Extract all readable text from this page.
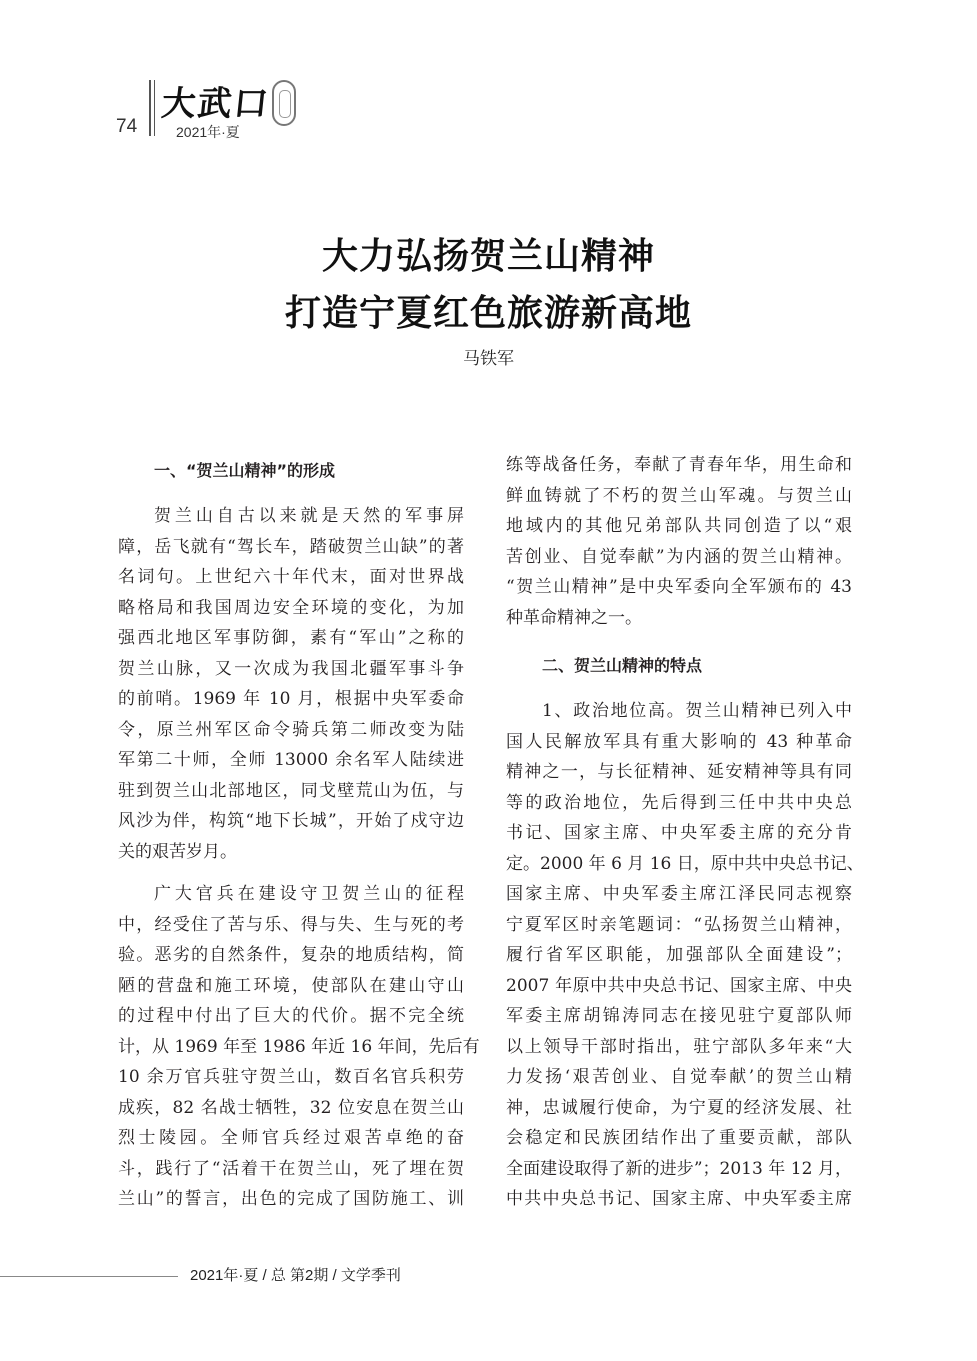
74
大武口
2021年·夏
大力弘扬贺兰山精神
打造宁夏红色旅游新高地
马铁军
一、“贺兰山精神”的形成
贺兰山自古以来就是天然的军事屏
障，岳飞就有“驾长车，踏破贺兰山缺”的著
名词句。上世纪六十年代末，面对世界战
略格局和我国周边安全环境的变化，为加
强西北地区军事防御，素有“军山”之称的
贺兰山脉，又一次成为我国北疆军事斗争
的前哨。1969 年 10 月，根据中央军委命
令，原兰州军区命令骑兵第二师改变为陆
军第二十师，全师 13000 余名军人陆续进
驻到贺兰山北部地区，同戈壁荒山为伍，与
风沙为伴，构筑“地下长城”，开始了戍守边
关的艰苦岁月。
广大官兵在建设守卫贺兰山的征程
中，经受住了苦与乐、得与失、生与死的考
验。恶劣的自然条件，复杂的地质结构，简
陋的营盘和施工环境，使部队在建山守山
的过程中付出了巨大的代价。据不完全统
计，从 1969 年至 1986 年近 16 年间，先后有
10 余万官兵驻守贺兰山，数百名官兵积劳
成疾，82 名战士牺牲，32 位安息在贺兰山
烈士陵园。全师官兵经过艰苦卓绝的奋
斗，践行了“活着干在贺兰山，死了埋在贺
兰山”的誓言，出色的完成了国防施工、训
练等战备任务，奉献了青春年华，用生命和
鲜血铸就了不朽的贺兰山军魂。与贺兰山
地域内的其他兄弟部队共同创造了以“艰
苦创业、自觉奉献”为内涵的贺兰山精神。
“贺兰山精神”是中央军委向全军颁布的 43
种革命精神之一。
二、贺兰山精神的特点
1、政治地位高。贺兰山精神已列入中
国人民解放军具有重大影响的 43 种革命
精神之一，与长征精神、延安精神等具有同
等的政治地位，先后得到三任中共中央总
书记、国家主席、中央军委主席的充分肯
定。2000 年 6 月 16 日，原中共中央总书记、
国家主席、中央军委主席江泽民同志视察
宁夏军区时亲笔题词：“弘扬贺兰山精神，
履行省军区职能，加强部队全面建设”；
2007 年原中共中央总书记、国家主席、中央
军委主席胡锦涛同志在接见驻宁夏部队师
以上领导干部时指出，驻宁部队多年来“大
力发扬‘艰苦创业、自觉奉献’的贺兰山精
神，忠诚履行使命，为宁夏的经济发展、社
会稳定和民族团结作出了重要贡献，部队
全面建设取得了新的进步”；2013 年 12 月，
中共中央总书记、国家主席、中央军委主席
2021年·夏 / 总 第2期 / 文学季刊
